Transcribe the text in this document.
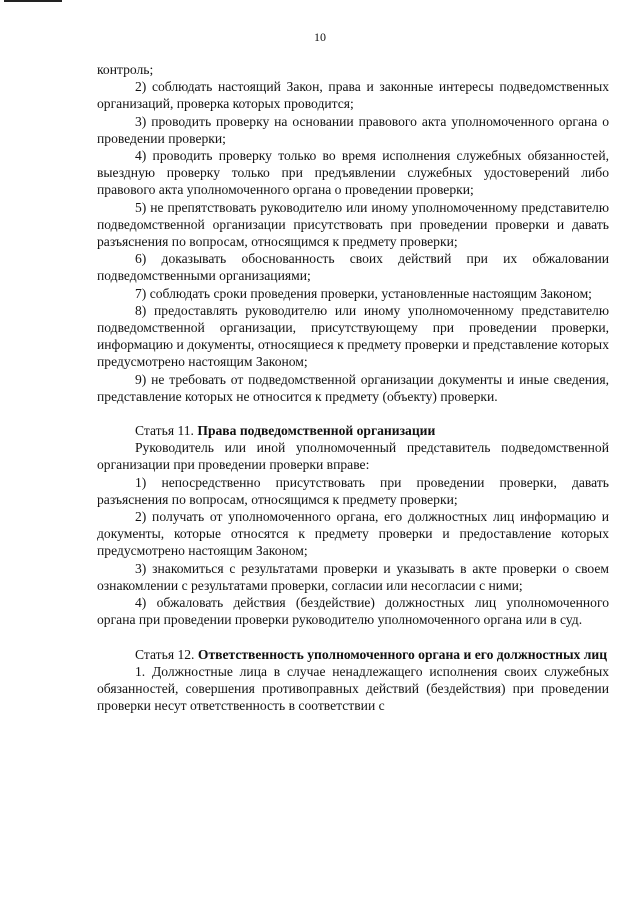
10

контроль;

2) соблюдать настоящий Закон, права и законные интересы подведомственных организаций, проверка которых проводится;

3) проводить проверку на основании правового акта уполномоченного органа о проведении проверки;

4) проводить проверку только во время исполнения служебных обязанностей, выездную проверку только при предъявлении служебных удостоверений либо правового акта уполномоченного органа о проведении проверки;

5) не препятствовать руководителю или иному уполномоченному представителю подведомственной организации присутствовать при проведении проверки и давать разъяснения по вопросам, относящимся к предмету проверки;

6) доказывать обоснованность своих действий при их обжаловании подведомственными организациями;

7) соблюдать сроки проведения проверки, установленные настоящим Законом;

8) предоставлять руководителю или иному уполномоченному представителю подведомственной организации, присутствующему при проведении проверки, информацию и документы, относящиеся к предмету проверки и представление которых предусмотрено настоящим Законом;

9) не требовать от подведомственной организации документы и иные сведения, представление которых не относится к предмету (объекту) проверки.

Статья 11. Права подведомственной организации

Руководитель или иной уполномоченный представитель подведомственной организации при проведении проверки вправе:

1) непосредственно присутствовать при проведении проверки, давать разъяснения по вопросам, относящимся к предмету проверки;

2) получать от уполномоченного органа, его должностных лиц информацию и документы, которые относятся к предмету проверки и предоставление которых предусмотрено настоящим Законом;

3) знакомиться с результатами проверки и указывать в акте проверки о своем ознакомлении с результатами проверки, согласии или несогласии с ними;

4) обжаловать действия (бездействие) должностных лиц уполномоченного органа при проведении проверки руководителю уполномоченного органа или в суд.

Статья 12. Ответственность уполномоченного органа и его должностных лиц

1. Должностные лица в случае ненадлежащего исполнения своих служебных обязанностей, совершения противоправных действий (бездействия) при проведении проверки несут ответственность в соответствии с
